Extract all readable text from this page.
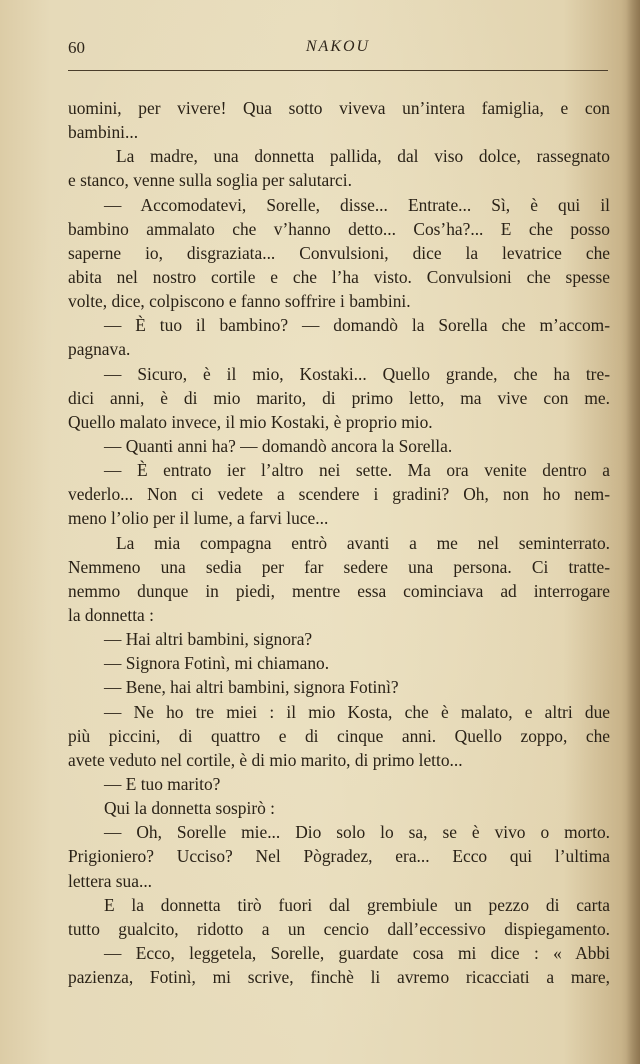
60	NAKOU
uomini, per vivere! Qua sotto viveva un’intera famiglia, e con
bambini...
La madre, una donnetta pallida, dal viso dolce, rassegnato
e stanco, venne sulla soglia per salutarci.
— Accomodatevi, Sorelle, disse... Entrate... Sì, è qui il
bambino ammalato che v’hanno detto... Cos’ha?... E che posso
saperne io, disgraziata... Convulsioni, dice la levatrice che
abita nel nostro cortile e che l’ha visto. Convulsioni che spesse
volte, dice, colpiscono e fanno soffrire i bambini.
— È tuo il bambino? — domandò la Sorella che m’accom-
pagnava.
— Sicuro, è il mio, Kostaki... Quello grande, che ha tre-
dici anni, è di mio marito, di primo letto, ma vive con me.
Quello malato invece, il mio Kostaki, è proprio mio.
— Quanti anni ha? — domandò ancora la Sorella.
— È entrato ier l’altro nei sette. Ma ora venite dentro a
vederlo... Non ci vedete a scendere i gradini? Oh, non ho nem-
meno l’olio per il lume, a farvi luce...
La mia compagna entrò avanti a me nel seminterrato.
Nemmeno una sedia per far sedere una persona. Ci tratte-
nemmo dunque in piedi, mentre essa cominciava ad interrogare
la donnetta :
— Hai altri bambini, signora?
— Signora Fotinì, mi chiamano.
— Bene, hai altri bambini, signora Fotinì?
— Ne ho tre miei : il mio Kosta, che è malato, e altri due
più piccini, di quattro e di cinque anni. Quello zoppo, che
avete veduto nel cortile, è di mio marito, di primo letto...
— E tuo marito?
Qui la donnetta sospirò :
— Oh, Sorelle mie... Dio solo lo sa, se è vivo o morto.
Prigioniero? Ucciso? Nel Pògradez, era... Ecco qui l’ultima
lettera sua...
E la donnetta tirò fuori dal grembiule un pezzo di carta
tutto gualcito, ridotto a un cencio dall’eccessivo dispiegamento.
— Ecco, leggetela, Sorelle, guardate cosa mi dice : « Abbi
pazienza, Fotinì, mi scrive, finchè li avremo ricacciati a mare,
